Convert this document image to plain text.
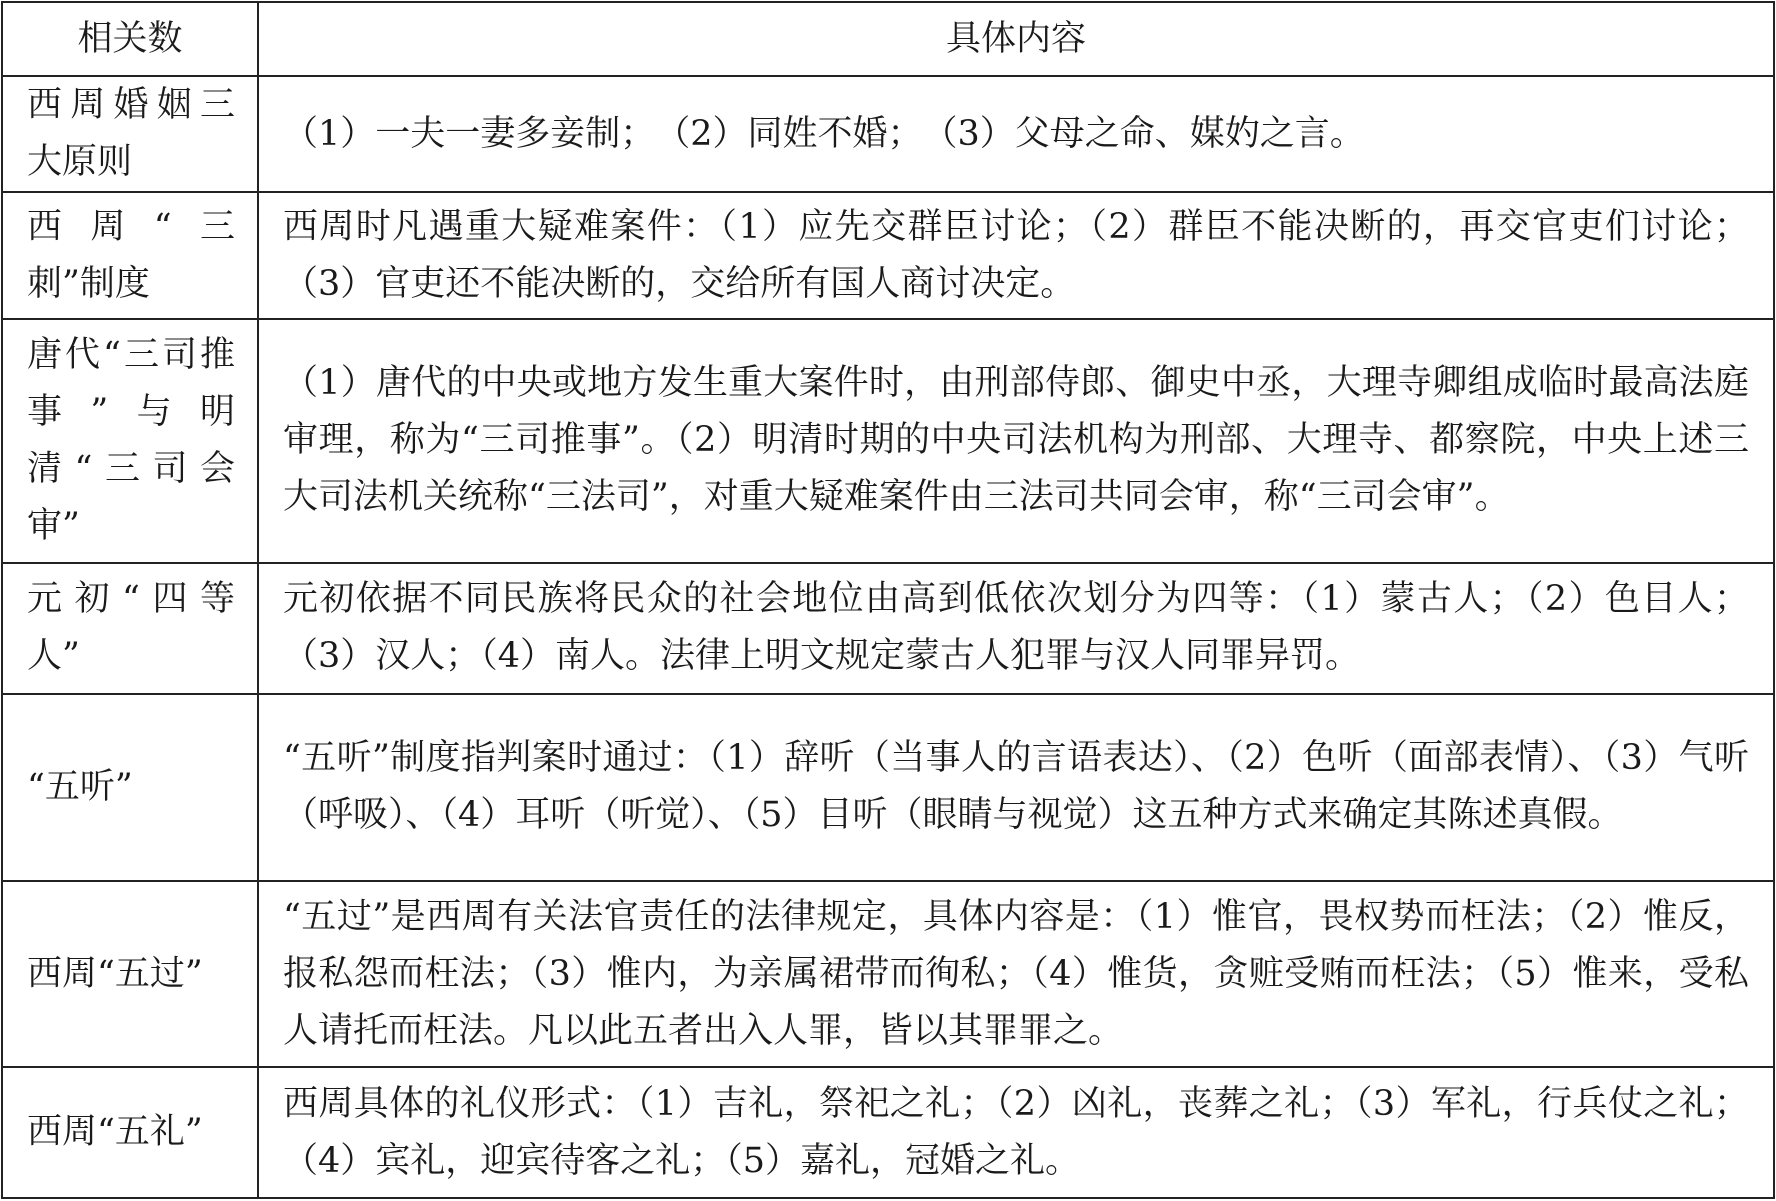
相关数	具体内容
西周婚姻三大原则	（1）一夫一妻多妾制；　（2）同姓不婚；　（3）父母之命、媒妁之言。
西周“三刺”制度	西周时凡遇重大疑难案件：（1）应先交群臣讨论；（2）群臣不能决断的，再交官吏们讨论；（3）官吏还不能决断的，交给所有国人商讨决定。
唐代“三司推事”与明清“三司会审”	（1）唐代的中央或地方发生重大案件时，由刑部侍郎、御史中丞，大理寺卿组成临时最高法庭审理，称为“三司推事”。（2）明清时期的中央司法机构为刑部、大理寺、都察院，中央上述三大司法机关统称“三法司”，对重大疑难案件由三法司共同会审，称“三司会审”。
元初“四等人”	元初依据不同民族将民众的社会地位由高到低依次划分为四等：（1）蒙古人；（2）色目人；（3）汉人；（4）南人。法律上明文规定蒙古人犯罪与汉人同罪异罚。
“五听”	“五听”制度指判案时通过：（1）辞听（当事人的言语表达）、（2）色听（面部表情）、（3）气听（呼吸）、（4）耳听（听觉）、（5）目听（眼睛与视觉）这五种方式来确定其陈述真假。
西周“五过”	“五过”是西周有关法官责任的法律规定，具体内容是：（1）惟官，畏权势而枉法；（2）惟反，报私怨而枉法；（3）惟内，为亲属裙带而徇私；（4）惟货，贪赃受贿而枉法；（5）惟来，受私人请托而枉法。凡以此五者出入人罪，皆以其罪罪之。
西周“五礼”	西周具体的礼仪形式：（1）吉礼，祭祀之礼；（2）凶礼，丧葬之礼；（3）军礼，行兵仗之礼；（4）宾礼，迎宾待客之礼；（5）嘉礼，冠婚之礼。
